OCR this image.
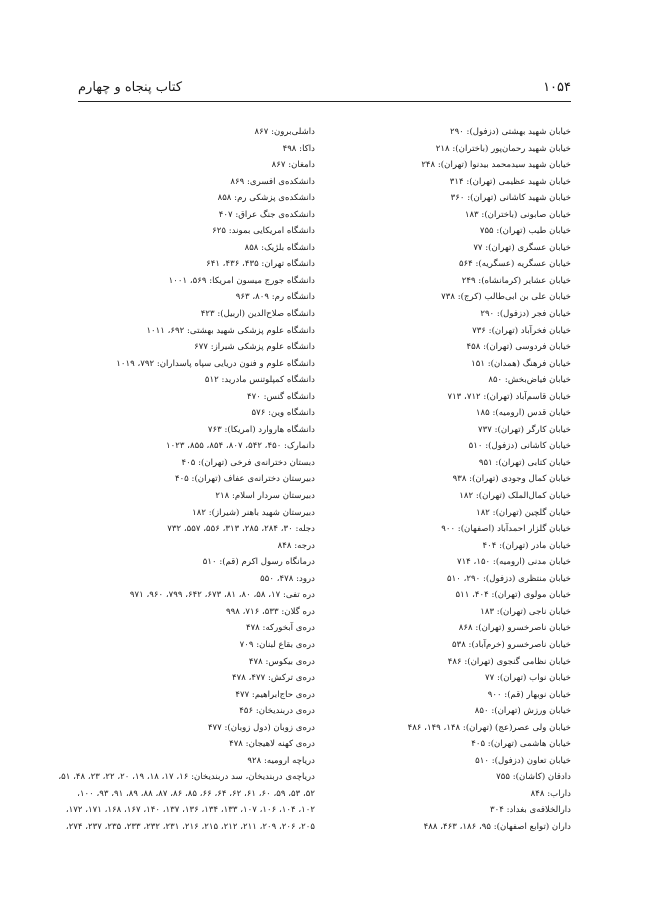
کتاب پنجاه و چهارم	۱۰۵۴
خیابان شهید بهشتی (دزفول): ۲۹۰
خیابان شهید رحمان‌پور (باختران): ۲۱۸
خیابان شهید سیدمحمد بیدنوا (تهران): ۲۴۸
خیابان شهید عظیمی (تهران): ۳۱۴
خیابان شهید کاشانی (تهران): ۳۶۰
خیابان صابونی (باختران): ۱۸۳
خیابان طیب (تهران): ۷۵۵
خیابان عسگری (تهران): ۷۷
خیابان عسگریه (عسگریه): ۵۶۴
خیابان عشایر (کرمانشاه): ۲۴۹
خیابان علی بن ابی‌طالب (کرج): ۷۳۸
خیابان فجر (دزفول): ۲۹۰
خیابان فخرآباد (تهران): ۷۳۶
خیابان فردوسی (تهران): ۴۵۸
خیابان فرهنگ (همدان): ۱۵۱
خیابان فیاض‌بخش: ۸۵۰
خیابان قاسم‌آباد (تهران): ۷۱۲، ۷۱۳
خیابان قدس (ارومیه): ۱۸۵
خیابان کارگر (تهران): ۷۳۷
خیابان کاشانی (دزفول): ۵۱۰
خیابان کتابی (تهران): ۹۵۱
خیابان کمال وجودی (تهران): ۹۳۸
خیابان کمال‌الملک (تهران): ۱۸۲
خیابان گلچین (تهران): ۱۸۲
خیابان گلزار احمدآباد (اصفهان): ۹۰۰
خیابان مادر (تهران): ۴۰۴
خیابان مدنی (ارومیه): ۱۵۰، ۷۱۴
خیابان منتظری (دزفول): ۲۹۰، ۵۱۰
خیابان مولوی (تهران): ۴۰۴، ۵۱۱
خیابان ناجی (تهران): ۱۸۳
خیابان ناصرخسرو (تهران): ۸۶۸
خیابان ناصرخسرو (خرم‌آباد): ۵۳۸
خیابان نظامی گنجوی (تهران): ۴۸۶
خیابان نواب (تهران): ۷۷
خیابان نوبهار (قم): ۹۰۰
خیابان ورزش (تهران): ۸۵۰
خیابان ولی عصر(عج) (تهران): ۱۴۸، ۱۴۹، ۴۸۶
خیابان هاشمی (تهران): ۴۰۵
خیابان تعاون (دزفول): ۵۱۰
دادقان (کاشان): ۷۵۵
داراب: ۸۴۸
دارالخلافه‌ی بغداد: ۳۰۴
داران (توابع اصفهان): ۹۵، ۱۸۶، ۴۶۳، ۴۸۸
داشلی‌برون: ۸۶۷
داکا: ۴۹۸
دامغان: ۸۶۷
دانشکده‌ی افسری: ۸۶۹
دانشکده‌ی پزشکی رم: ۸۵۸
دانشکده‌ی جنگ عراق: ۴۰۷
دانشگاه امریکایی بموند: ۶۲۵
دانشگاه بلژیک: ۸۵۸
دانشگاه تهران: ۴۳۵، ۴۳۶، ۶۴۱
دانشگاه جورج میسون امریکا: ۵۶۹، ۱۰۰۱
دانشگاه رم: ۸۰۹، ۹۶۳
دانشگاه صلاح‌الدین (اربیل): ۴۲۳
دانشگاه علوم پزشکی شهید بهشتی: ۶۹۲، ۱۰۱۱
دانشگاه علوم پزشکی شیراز: ۶۷۷
دانشگاه علوم و فنون دریایی سپاه پاسداران: ۷۹۲، ۱۰۱۹
دانشگاه کمپلوتنس مادرید: ۵۱۲
دانشگاه گنس: ۴۷۰
دانشگاه وین: ۵۷۶
دانشگاه هاروارد (امریکا): ۷۶۳
دانمارک: ۴۵۰، ۵۴۲، ۸۰۷، ۸۵۴، ۸۵۵، ۱۰۲۳
دبستان دخترانه‌ی فرخی (تهران): ۴۰۵
دبیرستان دخترانه‌ی عفاف (تهران): ۴۰۵
دبیرستان سردار اسلام: ۲۱۸
دبیرستان شهید باهنر (شیراز): ۱۸۲
دجله: ۳۰، ۲۸۴، ۲۸۵، ۳۱۳، ۵۵۶، ۵۵۷، ۷۳۲
درجه: ۸۴۸
درمانگاه رسول اکرم (قم): ۵۱۰
درود: ۴۷۸، ۵۵۰
دره تفی: ۱۷، ۵۸، ۸۰، ۸۱، ۶۷۳، ۶۴۲، ۷۹۹، ۹۶۰، ۹۷۱
دره گلان: ۵۳۳، ۷۱۶، ۹۹۸
دره‌ی آبخورکه: ۴۷۸
دره‌ی بقاع لبنان: ۷۰۹
دره‌ی بیکوس: ۴۷۸
دره‌ی ترکش: ۴۷۷، ۴۷۸
دره‌ی حاج‌ابراهیم: ۴۷۷
دره‌ی دربندیخان: ۴۵۶
دره‌ی زوبان (دول زوبان): ۴۷۷
دره‌ی کهنه لاهیجان: ۴۷۸
دریاچه ارومیه: ۹۲۸
دریاچه‌ی دربندیخان، سد دربندیخان: ۱۶، ۱۷، ۱۸، ۱۹، ۲۰، ۲۲، ۲۳، ۴۸، ۵۱،
۵۲، ۵۳، ۵۹، ۶۰، ۶۱، ۶۲، ۶۴، ۶۶، ۸۵، ۸۶، ۸۷، ۸۸، ۸۹، ۹۱، ۹۳، ۱۰۰،
۱۰۲، ۱۰۴، ۱۰۶، ۱۰۷، ۱۳۳، ۱۳۴، ۱۳۶، ۱۳۷، ۱۴۰، ۱۶۷، ۱۶۸، ۱۷۱، ۱۷۲،
۲۰۵، ۲۰۶، ۲۰۹، ۲۱۱، ۲۱۲، ۲۱۵، ۲۱۶، ۲۳۱، ۲۳۲، ۲۳۳، ۲۳۵، ۲۳۷، ۲۷۴،
